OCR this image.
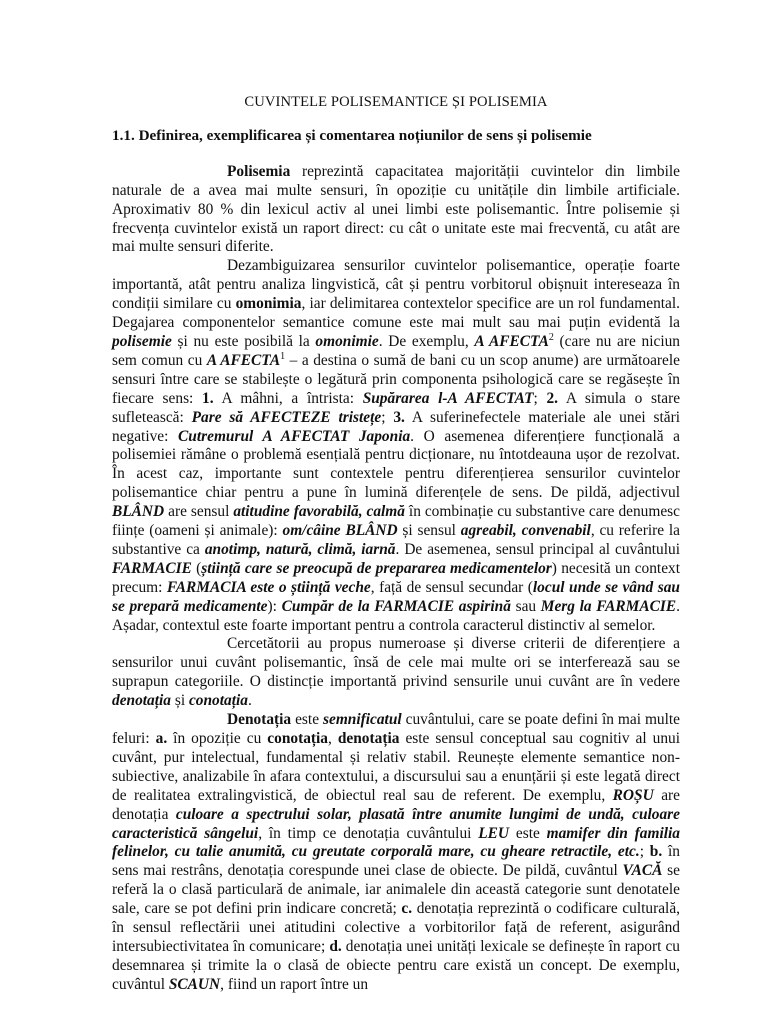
CUVINTELE POLISEMANTICE ȘI POLISEMIA
1.1. Definirea, exemplificarea și comentarea noțiunilor de sens și polisemie

Polisemia reprezintă capacitatea majorității cuvintelor din limbile naturale de a avea mai multe sensuri, în opoziție cu unitățile din limbile artificiale. Aproximativ 80 % din lexicul activ al unei limbi este polisemantic. Între polisemie și frecvența cuvintelor există un raport direct: cu cât o unitate este mai frecventă, cu atât are mai multe sensuri diferite.

Dezambiguizarea sensurilor cuvintelor polisemantice, operație foarte importantă, atât pentru analiza lingvistică, cât și pentru vorbitorul obișnuit intereseaza în condiții similare cu omonimia, iar delimitarea contextelor specifice are un rol fundamental. Degajarea componentelor semantice comune este mai mult sau mai puțin evidentă la polisemie și nu este posibilă la omonimie. De exemplu, A AFECTA$^2$ (care nu are niciun sem comun cu A AFECTA$^1$ – a destina o sumă de bani cu un scop anume) are următoarele sensuri între care se stabilește o legătură prin componenta psihologică care se regăsește în fiecare sens: 1. A mâhni, a întrista: Supărarea l-A AFECTAT; 2. A simula o stare sufletească: Pare să AFECTEZE tristețe; 3. A suferinefectele materiale ale unei stări negative: Cutremurul A AFECTAT Japonia. O asemenea diferențiere funcțională a polisemiei rămâne o problemă esențială pentru dicționare, nu întotdeauna ușor de rezolvat. În acest caz, importante sunt contextele pentru diferențierea sensurilor cuvintelor polisemantice chiar pentru a pune în lumină diferențele de sens. De pildă, adjectivul BLÂND are sensul atitudine favorabilă, calmă în combinație cu substantive care denumesc ființe (oameni și animale): om/câine BLÂND și sensul agreabil, convenabil, cu referire la substantive ca anotimp, natură, climă, iarnă. De asemenea, sensul principal al cuvântului FARMACIE (știință care se preocupă de prepararea medicamentelor) necesită un context precum: FARMACIA este o știință veche, față de sensul secundar (locul unde se vând sau se prepară medicamente): Cumpăr de la FARMACIE aspirină sau Merg la FARMACIE. Așadar, contextul este foarte important pentru a controla caracterul distinctiv al semelor.

Cercetătorii au propus numeroase și diverse criterii de diferențiere a sensurilor unui cuvânt polisemantic, însă de cele mai multe ori se interferează sau se suprapun categoriile. O distincție importantă privind sensurile unui cuvânt are în vedere denotația și conotația.

Denotația este semnificatul cuvântului, care se poate defini în mai multe feluri: a. în opoziție cu conotația, denotația este sensul conceptual sau cognitiv al unui cuvânt, pur intelectual, fundamental și relativ stabil. Reunește elemente semantice non-subiective, analizabile în afara contextului, a discursului sau a enunțării și este legată direct de realitatea extralingvistică, de obiectul real sau de referent. De exemplu, ROȘU are denotația culoare a spectrului solar, plasată între anumite lungimi de undă, culoare caracteristică sângelui, în timp ce denotația cuvântului LEU este mamifer din familia felinelor, cu talie anumită, cu greutate corporală mare, cu gheare retractile, etc.; b. în sens mai restrâns, denotația corespunde unei clase de obiecte. De pildă, cuvântul VACĂ se referă la o clasă particulară de animale, iar animalele din această categorie sunt denotatele sale, care se pot defini prin indicare concretă; c. denotația reprezintă o codificare culturală, în sensul reflectării unei atitudini colective a vorbitorilor față de referent, asigurând intersubiectivitatea în comunicare; d. denotația unei unități lexicale se definește în raport cu desemnarea și trimite la o clasă de obiecte pentru care există un concept. De exemplu, cuvântul SCAUN, fiind un raport între un
